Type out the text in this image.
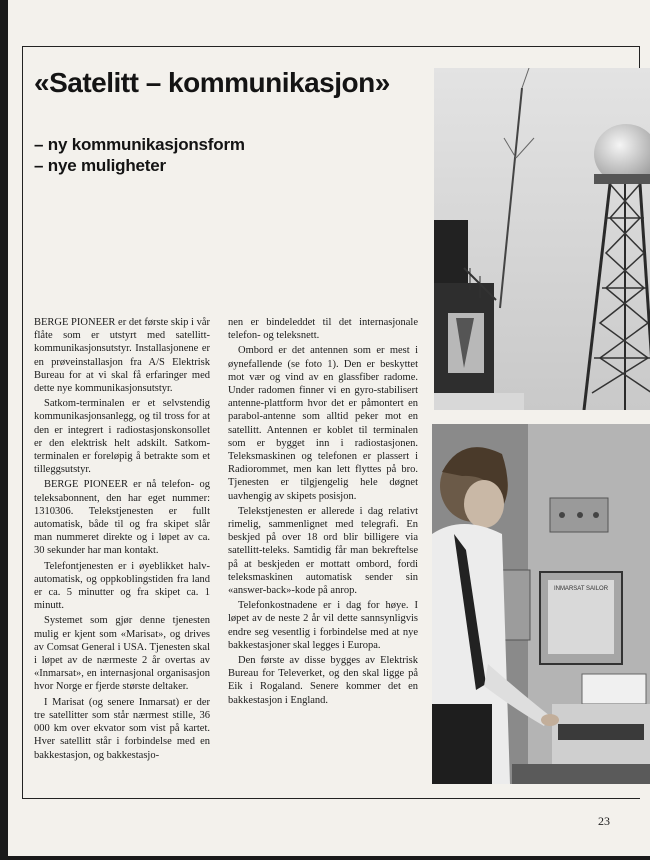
«Satelitt – kommunikasjon»
– ny kommunikasjonsform
– nye muligheter

BERGE PIONEER er det første skip i vår flåte som er utstyrt med satellitt-kommunikasjonsutstyr. Installasjonene er en prøveinstallasjon fra A/S Elektrisk Bureau for at vi skal få erfaringer med dette nye kommunikasjonsutstyr.

Satkom-terminalen er et selvstendig kommunikasjonsanlegg, og til tross for at den er integrert i radiostasjonskonsollet er den elektrisk helt adskilt. Satkom-terminalen er foreløpig å betrakte som et tilleggsutstyr.

BERGE PIONEER er nå telefon- og teleksabonnent, den har eget nummer: 1310306. Telekstjenesten er fullt automatisk, både til og fra skipet slår man nummeret direkte og i løpet av ca. 30 sekunder har man kontakt.

Telefontjenesten er i øyeblikket halv-automatisk, og oppkoblingstiden fra land er ca. 5 minutter og fra skipet ca. 1 minutt.

Systemet som gjør denne tjenesten mulig er kjent som «Marisat», og drives av Comsat General i USA. Tjenesten skal i løpet av de nærmeste 2 år overtas av «Inmarsat», en internasjonal organisasjon hvor Norge er fjerde største deltaker.

I Marisat (og senere Inmarsat) er der tre satellitter som står nærmest stille, 36 000 km over ekvator som vist på kartet. Hver satellitt står i forbindelse med en bakkestasjon, og bakkestasjo-

nen er bindeleddet til det internasjonale telefon- og teleksnett.

Ombord er det antennen som er mest i øynefallende (se foto 1). Den er beskyttet mot vær og vind av en glassfiber radome. Under radomen finner vi en gyro-stabilisert antenne-plattform hvor det er påmontert en parabol-antenne som alltid peker mot en satellitt. Antennen er koblet til terminalen som er bygget inn i radiostasjonen. Teleksmaskinen og telefonen er plassert i Radiorommet, men kan lett flyttes på bro. Tjenesten er tilgjengelig hele døgnet uavhengig av skipets posisjon.

Telekstjenesten er allerede i dag relativt rimelig, sammenlignet med telegrafi. En beskjed på over 18 ord blir billigere via satellitt-teleks. Samtidig får man bekreftelse på at beskjeden er mottatt ombord, fordi teleksmaskinen automatisk sender sin «answer-back»-kode på anrop.

Telefonkostnadene er i dag for høye. I løpet av de neste 2 år vil dette sannsynligvis endre seg vesentlig i forbindelse med at nye bakkestasjoner skal legges i Europa.

Den første av disse bygges av Elektrisk Bureau for Televerket, og den skal ligge på Eik i Rogaland. Senere kommer det en bakkestasjon i England.

INMARSAT SAILOR
23
